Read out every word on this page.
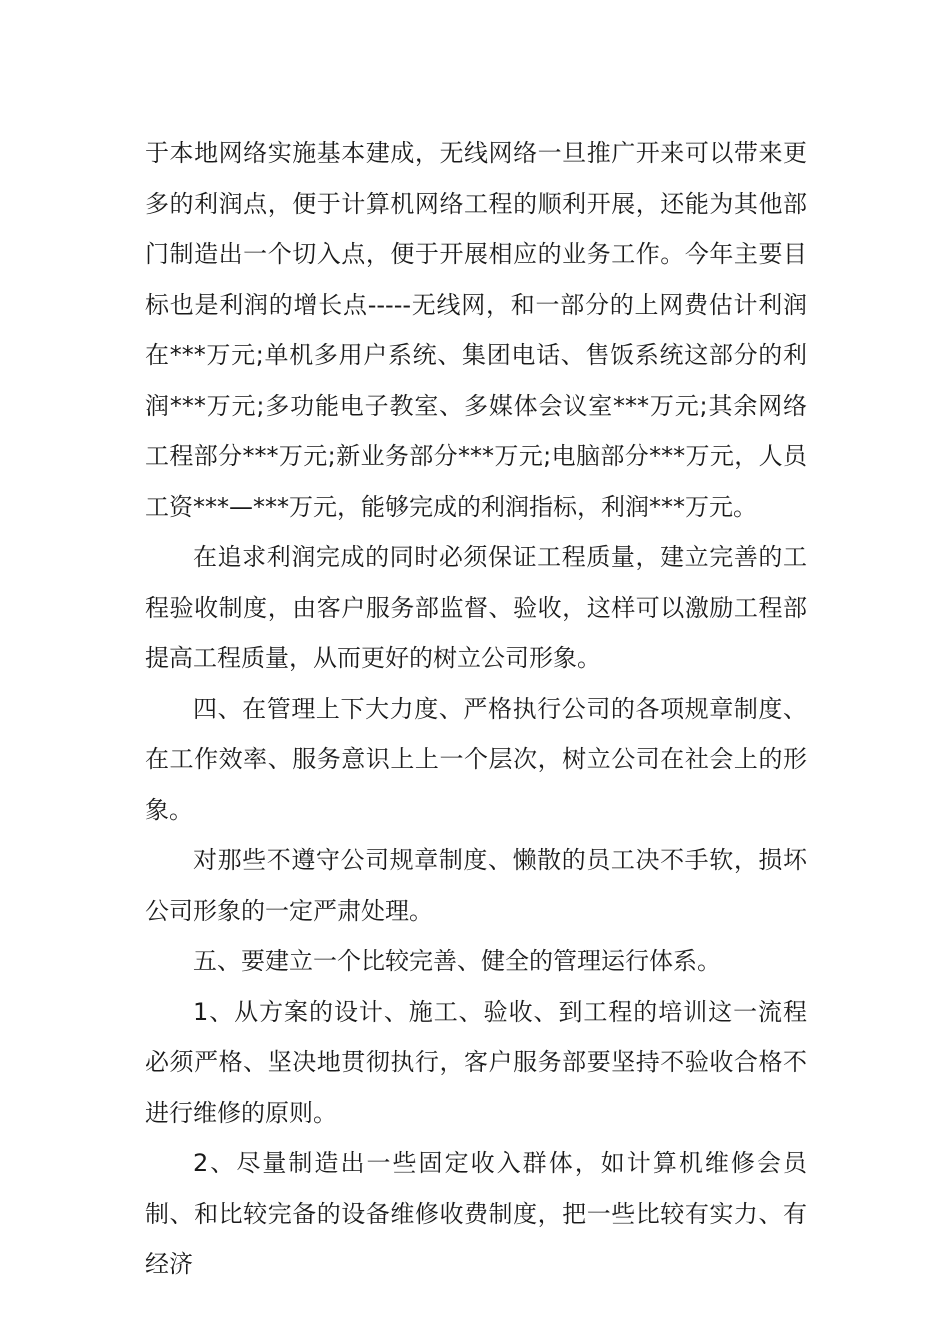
于本地网络实施基本建成，无线网络一旦推广开来可以带来更多的利润点，便于计算机网络工程的顺利开展，还能为其他部门制造出一个切入点，便于开展相应的业务工作。今年主要目标也是利润的增长点-----无线网，和一部分的上网费估计利润在***万元;单机多用户系统、集团电话、售饭系统这部分的利润***万元;多功能电子教室、多媒体会议室***万元;其余网络工程部分***万元;新业务部分***万元;电脑部分***万元，人员工资***—***万元，能够完成的利润指标，利润***万元。

在追求利润完成的同时必须保证工程质量，建立完善的工程验收制度，由客户服务部监督、验收，这样可以激励工程部提高工程质量，从而更好的树立公司形象。

四、在管理上下大力度、严格执行公司的各项规章制度、在工作效率、服务意识上上一个层次，树立公司在社会上的形象。

对那些不遵守公司规章制度、懒散的员工决不手软，损坏公司形象的一定严肃处理。

五、要建立一个比较完善、健全的管理运行体系。

1、从方案的设计、施工、验收、到工程的培训这一流程必须严格、坚决地贯彻执行，客户服务部要坚持不验收合格不进行维修的原则。

2、尽量制造出一些固定收入群体，如计算机维修会员制、和比较完备的设备维修收费制度，把一些比较有实力、有经济
